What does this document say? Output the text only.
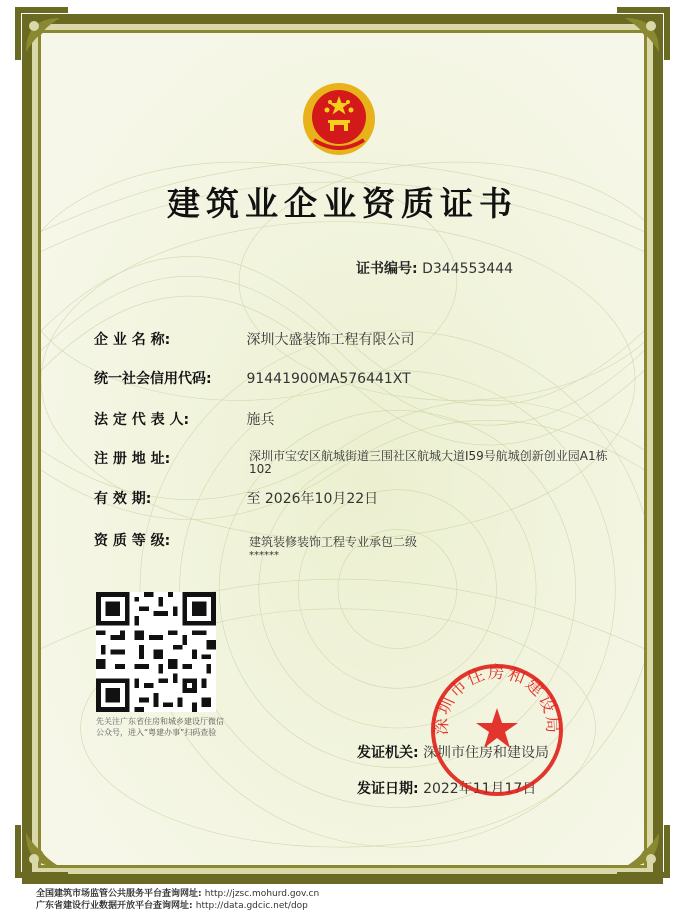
建筑业企业资质证书
证书编号: D344553444
企 业 名 称:	深圳大盛装饰工程有限公司
统一社会信用代码: 91441900MA576441XT
法 定 代 表 人:	施兵
注 册 地 址:	深圳市宝安区航城街道三围社区航城大道I59号航城创新创业园A1栋102
有 效 期:	至 2026年10月22日
资 质 等 级:	建筑装修装饰工程专业承包二级
******
先关注广东省住房和城乡建设厅微信公众号，进入“粤建办事”扫码查验
发证机关: 深圳市住房和建设局
发证日期: 2022年11月17日
深圳市住房和建设局
全国建筑市场监管公共服务平台查询网址: http://jzsc.mohurd.gov.cn
广东省建设行业数据开放平台查询网址: http://data.gdcic.net/dop
